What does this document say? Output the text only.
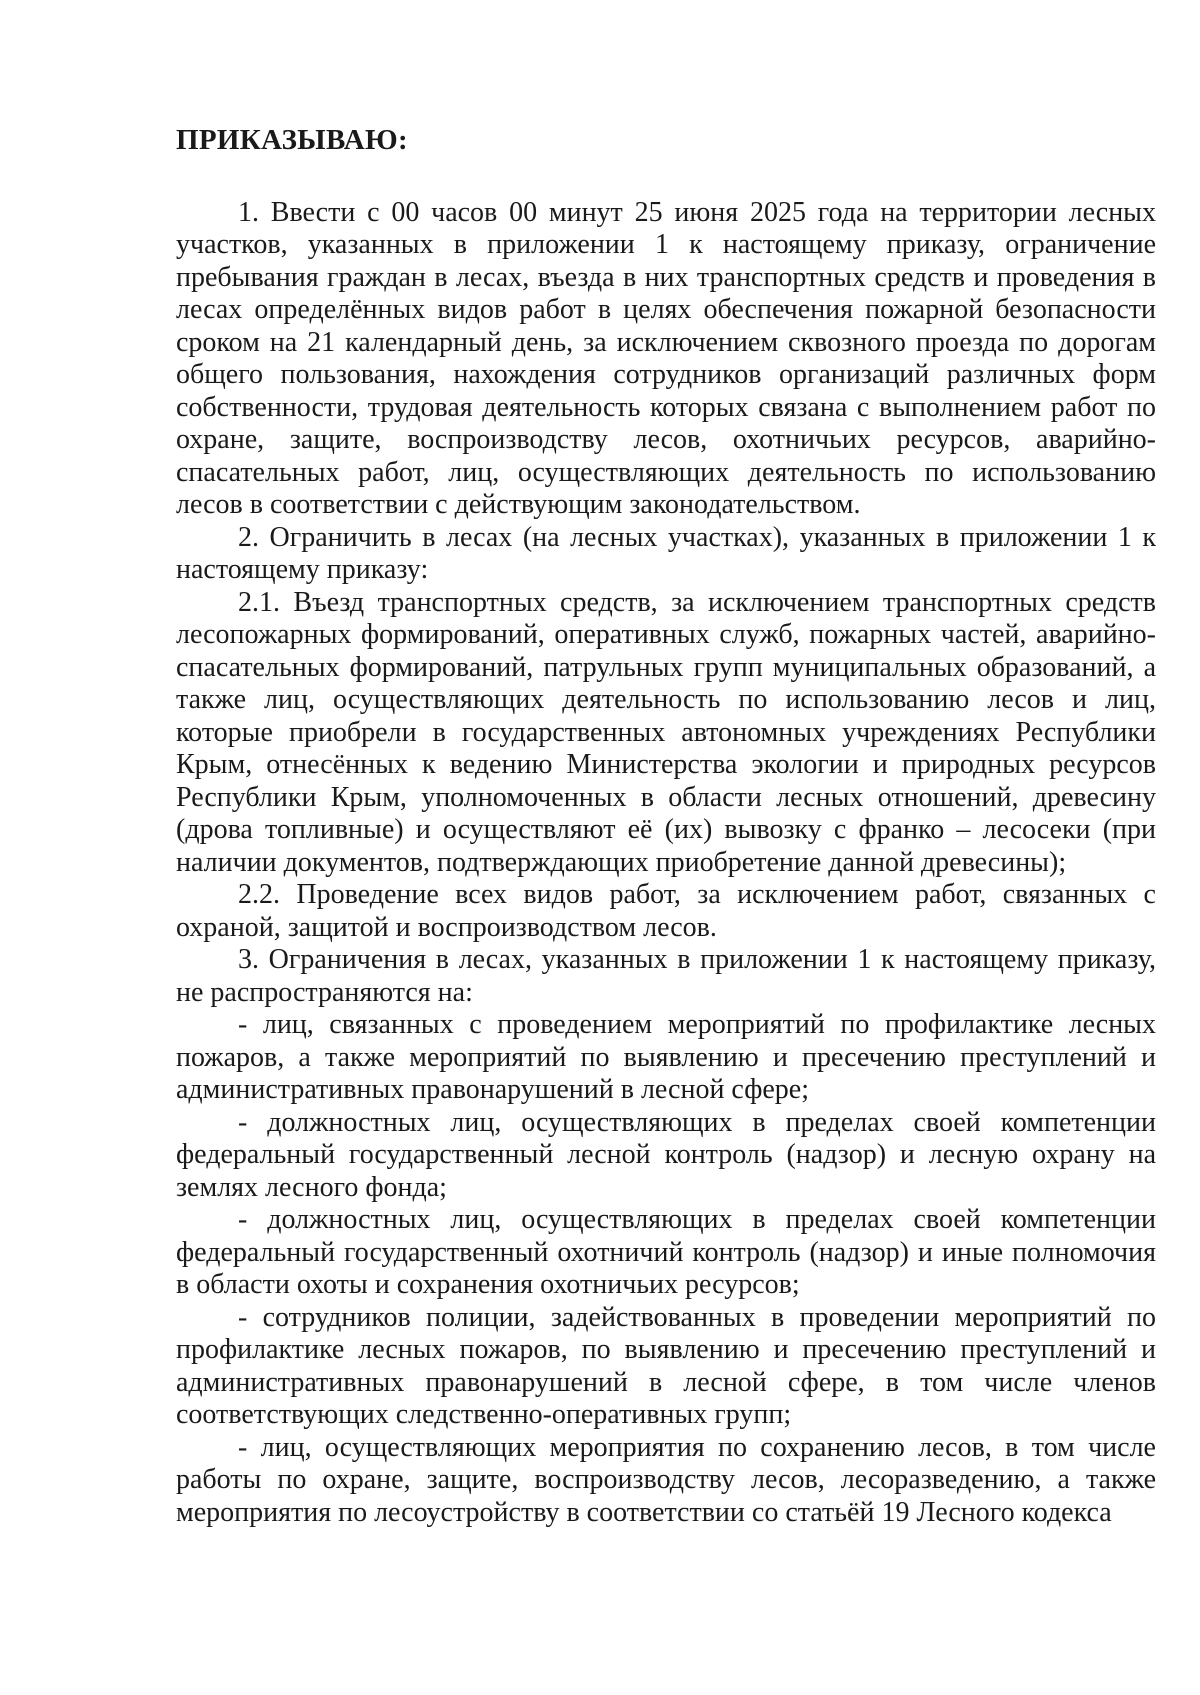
ПРИКАЗЫВАЮ:

1. Ввести с 00 часов 00 минут 25 июня 2025 года на территории лесных участков, указанных в приложении 1 к настоящему приказу, ограничение пребывания граждан в лесах, въезда в них транспортных средств и проведения в лесах определённых видов работ в целях обеспечения пожарной безопасности сроком на 21 календарный день, за исключением сквозного проезда по дорогам общего пользования, нахождения сотрудников организаций различных форм собственности, трудовая деятельность которых связана с выполнением работ по охране, защите, воспроизводству лесов, охотничьих ресурсов, аварийно-спасательных работ, лиц, осуществляющих деятельность по использованию лесов в соответствии с действующим законодательством.

2. Ограничить в лесах (на лесных участках), указанных в приложении 1 к настоящему приказу:

2.1. Въезд транспортных средств, за исключением транспортных средств лесопожарных формирований, оперативных служб, пожарных частей, аварийно-спасательных формирований, патрульных групп муниципальных образований, а также лиц, осуществляющих деятельность по использованию лесов и лиц, которые приобрели в государственных автономных учреждениях Республики Крым, отнесённых к ведению Министерства экологии и природных ресурсов Республики Крым, уполномоченных в области лесных отношений, древесину (дрова топливные) и осуществляют её (их) вывозку с франко – лесосеки (при наличии документов, подтверждающих приобретение данной древесины);

2.2. Проведение всех видов работ, за исключением работ, связанных с охраной, защитой и воспроизводством лесов.

3. Ограничения в лесах, указанных в приложении 1 к настоящему приказу, не распространяются на:

- лиц, связанных с проведением мероприятий по профилактике лесных пожаров, а также мероприятий по выявлению и пресечению преступлений и административных правонарушений в лесной сфере;

- должностных лиц, осуществляющих в пределах своей компетенции федеральный государственный лесной контроль (надзор) и лесную охрану на землях лесного фонда;

- должностных лиц, осуществляющих в пределах своей компетенции федеральный государственный охотничий контроль (надзор) и иные полномочия в области охоты и сохранения охотничьих ресурсов;

- сотрудников полиции, задействованных в проведении мероприятий по профилактике лесных пожаров, по выявлению и пресечению преступлений и административных правонарушений в лесной сфере, в том числе членов соответствующих следственно-оперативных групп;

- лиц, осуществляющих мероприятия по сохранению лесов, в том числе работы по охране, защите, воспроизводству лесов, лесоразведению, а также мероприятия по лесоустройству в соответствии со статьёй 19 Лесного кодекса
